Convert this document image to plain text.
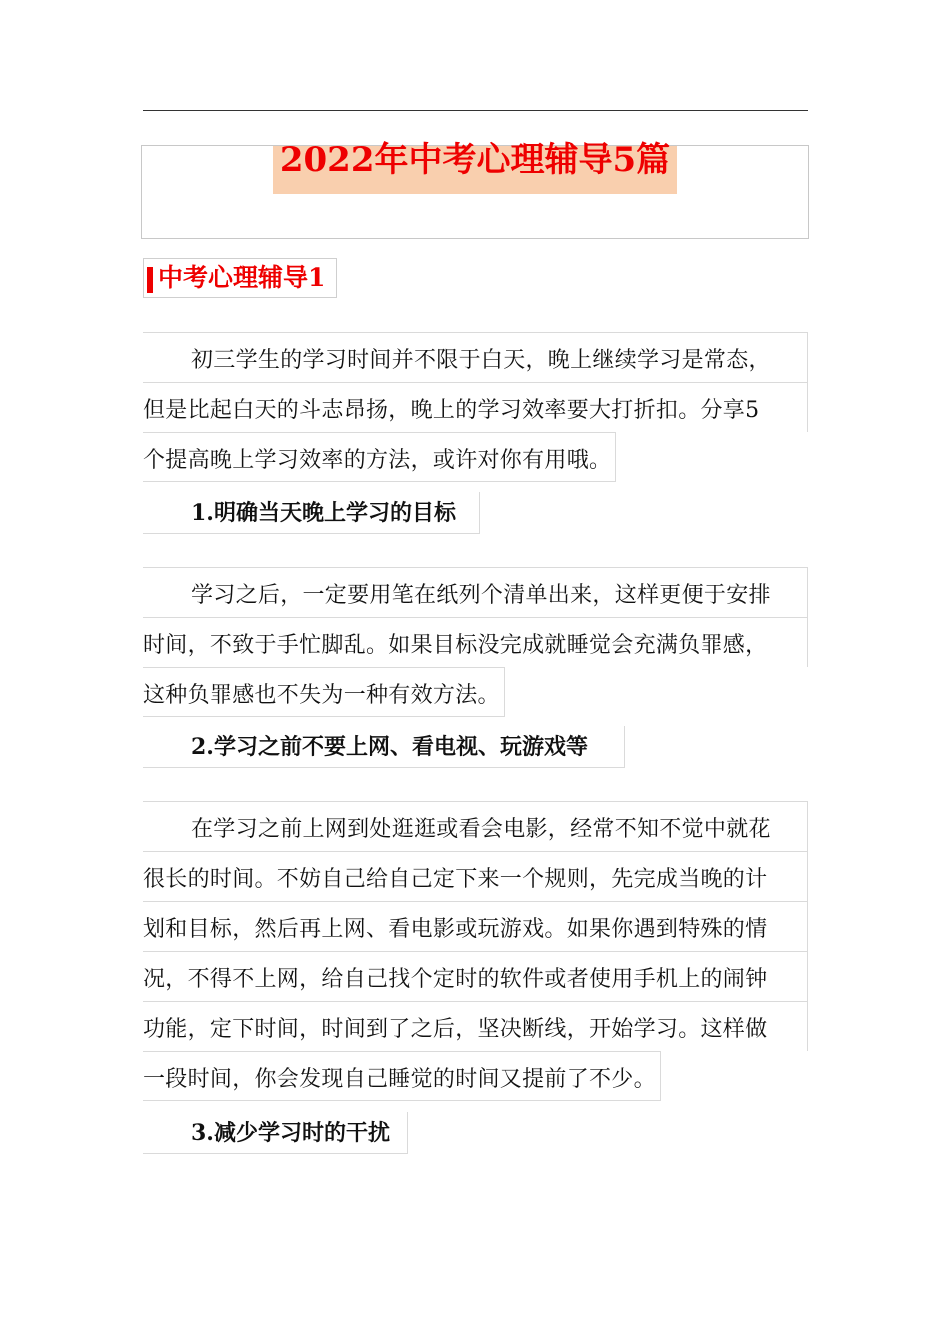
2022年中考心理辅导5篇
中考心理辅导1
初三学生的学习时间并不限于白天，晚上继续学习是常态，
但是比起白天的斗志昂扬，晚上的学习效率要大打折扣。分享5
个提高晚上学习效率的方法，或许对你有用哦。
1.明确当天晚上学习的目标
学习之后，一定要用笔在纸列个清单出来，这样更便于安排
时间，不致于手忙脚乱。如果目标没完成就睡觉会充满负罪感，
这种负罪感也不失为一种有效方法。
2.学习之前不要上网、看电视、玩游戏等
在学习之前上网到处逛逛或看会电影，经常不知不觉中就花
很长的时间。不妨自己给自己定下来一个规则，先完成当晚的计
划和目标，然后再上网、看电影或玩游戏。如果你遇到特殊的情
况，不得不上网，给自己找个定时的软件或者使用手机上的闹钟
功能，定下时间，时间到了之后，坚决断线，开始学习。这样做
一段时间，你会发现自己睡觉的时间又提前了不少。
3.减少学习时的干扰
